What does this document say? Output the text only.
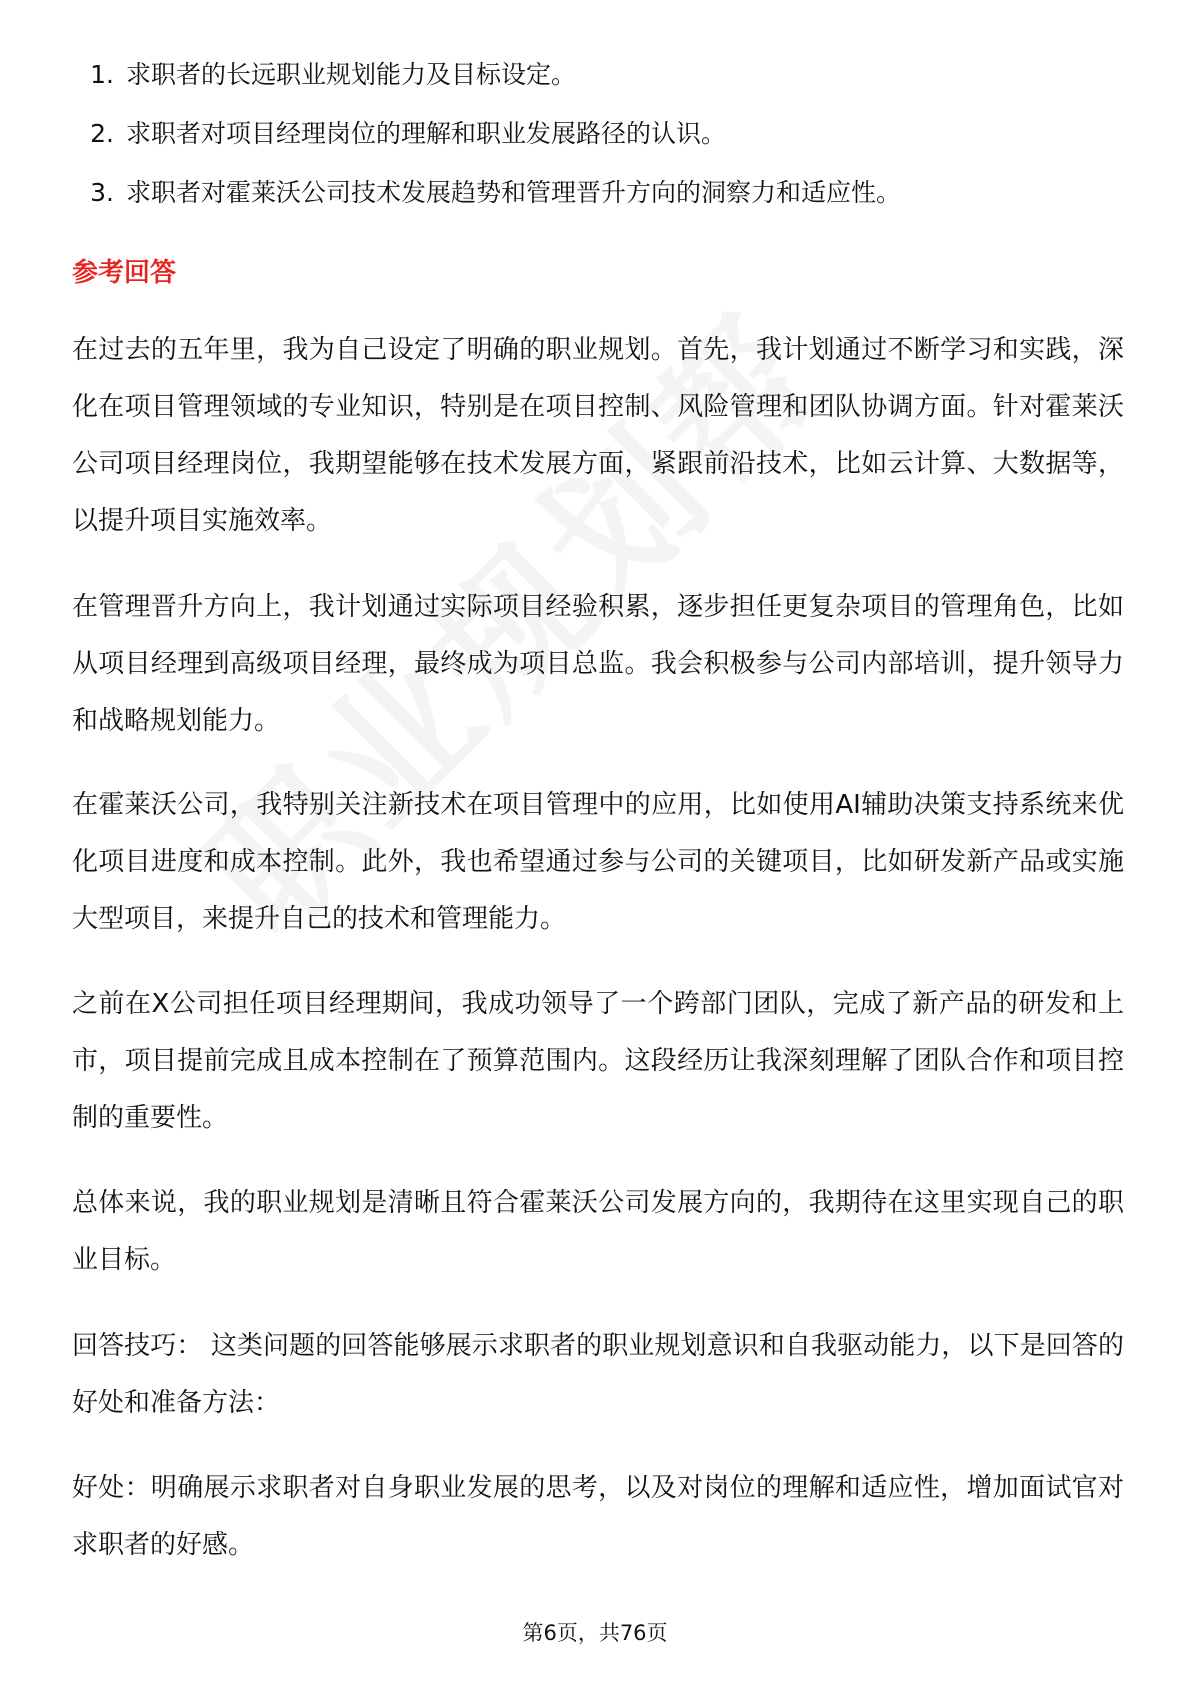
1. 求职者的长远职业规划能力及目标设定。
2. 求职者对项目经理岗位的理解和职业发展路径的认识。
3. 求职者对霍莱沃公司技术发展趋势和管理晋升方向的洞察力和适应性。
参考回答

在过去的五年里，我为自己设定了明确的职业规划。首先，我计划通过不断学习和实践，深化在项目管理领域的专业知识，特别是在项目控制、风险管理和团队协调方面。针对霍莱沃公司项目经理岗位，我期望能够在技术发展方面，紧跟前沿技术，比如云计算、大数据等，以提升项目实施效率。

在管理晋升方向上，我计划通过实际项目经验积累，逐步担任更复杂项目的管理角色，比如从项目经理到高级项目经理，最终成为项目总监。我会积极参与公司内部培训，提升领导力和战略规划能力。

在霍莱沃公司，我特别关注新技术在项目管理中的应用，比如使用AI辅助决策支持系统来优化项目进度和成本控制。此外，我也希望通过参与公司的关键项目，比如研发新产品或实施大型项目，来提升自己的技术和管理能力。

之前在X公司担任项目经理期间，我成功领导了一个跨部门团队，完成了新产品的研发和上市，项目提前完成且成本控制在了预算范围内。这段经历让我深刻理解了团队合作和项目控制的重要性。

总体来说，我的职业规划是清晰且符合霍莱沃公司发展方向的，我期待在这里实现自己的职业目标。

回答技巧： 这类问题的回答能够展示求职者的职业规划意识和自我驱动能力，以下是回答的好处和准备方法：

好处：明确展示求职者对自身职业发展的思考，以及对岗位的理解和适应性，增加面试官对求职者的好感。

第6页，共76页
